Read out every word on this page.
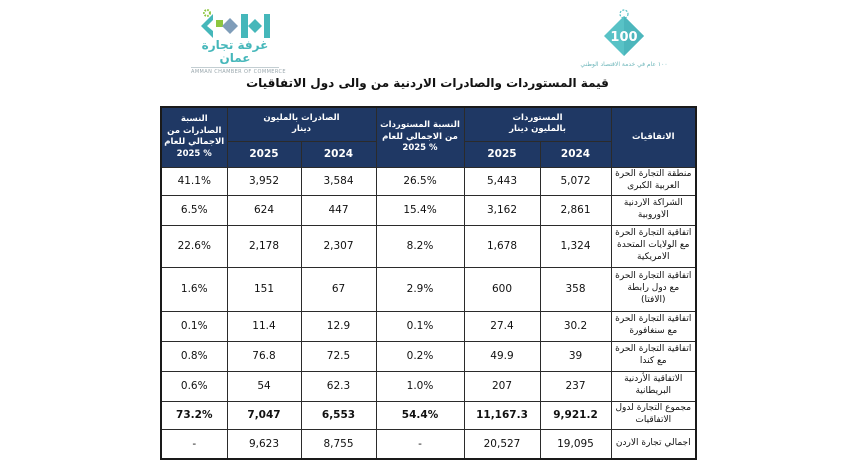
غرفة تجارة عمان
AMMAN CHAMBER OF COMMERCE
100
١٠٠ عام في خدمة الاقتصاد الوطني
قيمة المستوردات والصادرات الاردنية من والى دول الاتفاقيات
النسبة الصادرات من الاجمالي للعام % 2025	الصادرات بالمليون دينار		النسبة المستوردات من الاجمالي للعام % 2025	المستوردات بالمليون دينار		الاتفاقيات
	2025	2024		2025	2024	
41.1%	3,952	3,584	26.5%	5,443	5,072	منطقة التجارة الحرة العربية الكبرى
6.5%	624	447	15.4%	3,162	2,861	الشراكة الاردنية الاوروبية
22.6%	2,178	2,307	8.2%	1,678	1,324	اتفاقية التجارة الحرة مع الولايات المتحدة الامريكية
1.6%	151	67	2.9%	600	358	اتفاقية التجارة الحرة مع دول رابطة (الافتا)
0.1%	11.4	12.9	0.1%	27.4	30.2	اتفاقية التجارة الحرة مع سنغافورة
0.8%	76.8	72.5	0.2%	49.9	39	اتفاقية التجارة الحرة مع كندا
0.6%	54	62.3	1.0%	207	237	الاتفاقية الأردنية البريطانية
73.2%	7,047	6,553	54.4%	11,167.3	9,921.2	مجموع التجارة لدول الاتفاقيات
-	9,623	8,755	-	20,527	19,095	اجمالي تجارة الاردن
